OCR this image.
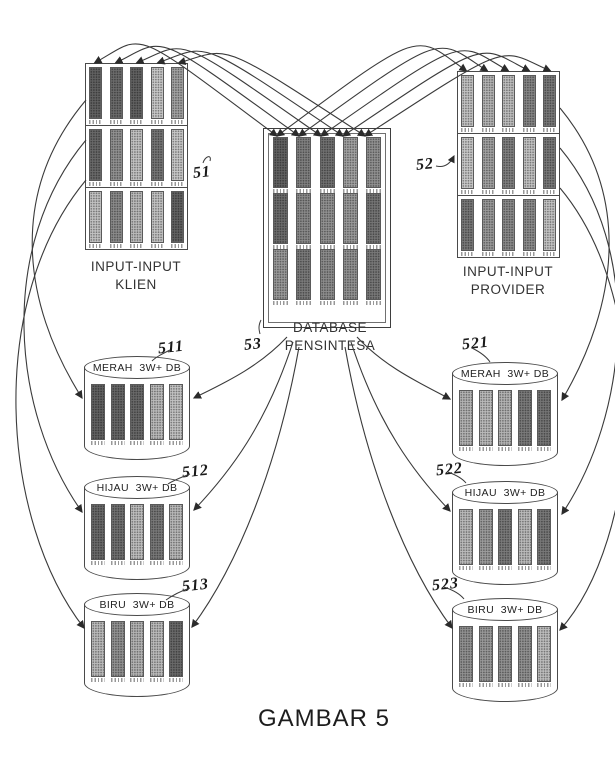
INPUT-INPUT
KLIEN
51
INPUT-INPUT
PROVIDER
52
DATABASE
PENSINTESA
53
GAMBAR 5
MERAH 3W+ DB
511
HIJAU 3W+ DB
512
BIRU 3W+ DB
513
MERAH 3W+ DB
521
HIJAU 3W+ DB
522
BIRU 3W+ DB
523
